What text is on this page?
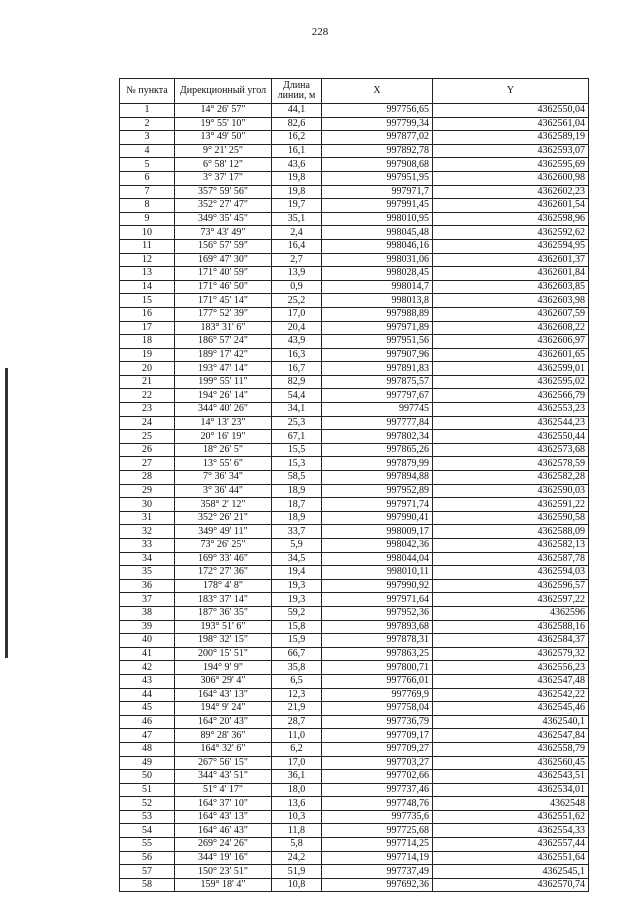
228
№ пункта	Дирекционный угол	Длина линии, м	X	Y
1	14° 26' 57"	44,1	997756,65	4362550,04
2	19° 55' 10"	82,6	997799,34	4362561,04
3	13° 49' 50"	16,2	997877,02	4362589,19
4	9° 21' 25"	16,1	997892,78	4362593,07
5	6° 58' 12"	43,6	997908,68	4362595,69
6	3° 37' 17"	19,8	997951,95	4362600,98
7	357° 59' 56"	19,8	997971,7	4362602,23
8	352° 27' 47"	19,7	997991,45	4362601,54
9	349° 35' 45"	35,1	998010,95	4362598,96
10	73° 43' 49"	2,4	998045,48	4362592,62
11	156° 57' 59"	16,4	998046,16	4362594,95
12	169° 47' 30"	2,7	998031,06	4362601,37
13	171° 40' 59"	13,9	998028,45	4362601,84
14	171° 46' 50"	0,9	998014,7	4362603,85
15	171° 45' 14"	25,2	998013,8	4362603,98
16	177° 52' 39"	17,0	997988,89	4362607,59
17	183° 31' 6"	20,4	997971,89	4362608,22
18	186° 57' 24"	43,9	997951,56	4362606,97
19	189° 17' 42"	16,3	997907,96	4362601,65
20	193° 47' 14"	16,7	997891,83	4362599,01
21	199° 55' 11"	82,9	997875,57	4362595,02
22	194° 26' 14"	54,4	997797,67	4362566,79
23	344° 40' 26"	34,1	997745	4362553,23
24	14° 13' 23"	25,3	997777,84	4362544,23
25	20° 16' 19"	67,1	997802,34	4362550,44
26	18° 26' 5"	15,5	997865,26	4362573,68
27	13° 55' 6"	15,3	997879,99	4362578,59
28	7° 36' 34"	58,5	997894,88	4362582,28
29	3° 36' 44"	18,9	997952,89	4362590,03
30	358° 2' 12"	18,7	997971,74	4362591,22
31	352° 26' 21"	18,9	997990,41	4362590,58
32	349° 49' 11"	33,7	998009,17	4362588,09
33	73° 26' 25"	5,9	998042,36	4362582,13
34	169° 33' 46"	34,5	998044,04	4362587,78
35	172° 27' 36"	19,4	998010,11	4362594,03
36	178° 4' 8"	19,3	997990,92	4362596,57
37	183° 37' 14"	19,3	997971,64	4362597,22
38	187° 36' 35"	59,2	997952,36	4362596
39	193° 51' 6"	15,8	997893,68	4362588,16
40	198° 32' 15"	15,9	997878,31	4362584,37
41	200° 15' 51"	66,7	997863,25	4362579,32
42	194° 9' 9"	35,8	997800,71	4362556,23
43	306° 29' 4"	6,5	997766,01	4362547,48
44	164° 43' 13"	12,3	997769,9	4362542,22
45	194° 9' 24"	21,9	997758,04	4362545,46
46	164° 20' 43"	28,7	997736,79	4362540,1
47	89° 28' 36"	11,0	997709,17	4362547,84
48	164° 32' 6"	6,2	997709,27	4362558,79
49	267° 56' 15"	17,0	997703,27	4362560,45
50	344° 43' 51"	36,1	997702,66	4362543,51
51	51° 4' 17"	18,0	997737,46	4362534,01
52	164° 37' 10"	13,6	997748,76	4362548
53	164° 43' 13"	10,3	997735,6	4362551,62
54	164° 46' 43"	11,8	997725,68	4362554,33
55	269° 24' 26"	5,8	997714,25	4362557,44
56	344° 19' 16"	24,2	997714,19	4362551,64
57	150° 23' 51"	51,9	997737,49	4362545,1
58	159° 18' 4"	10,8	997692,36	4362570,74
